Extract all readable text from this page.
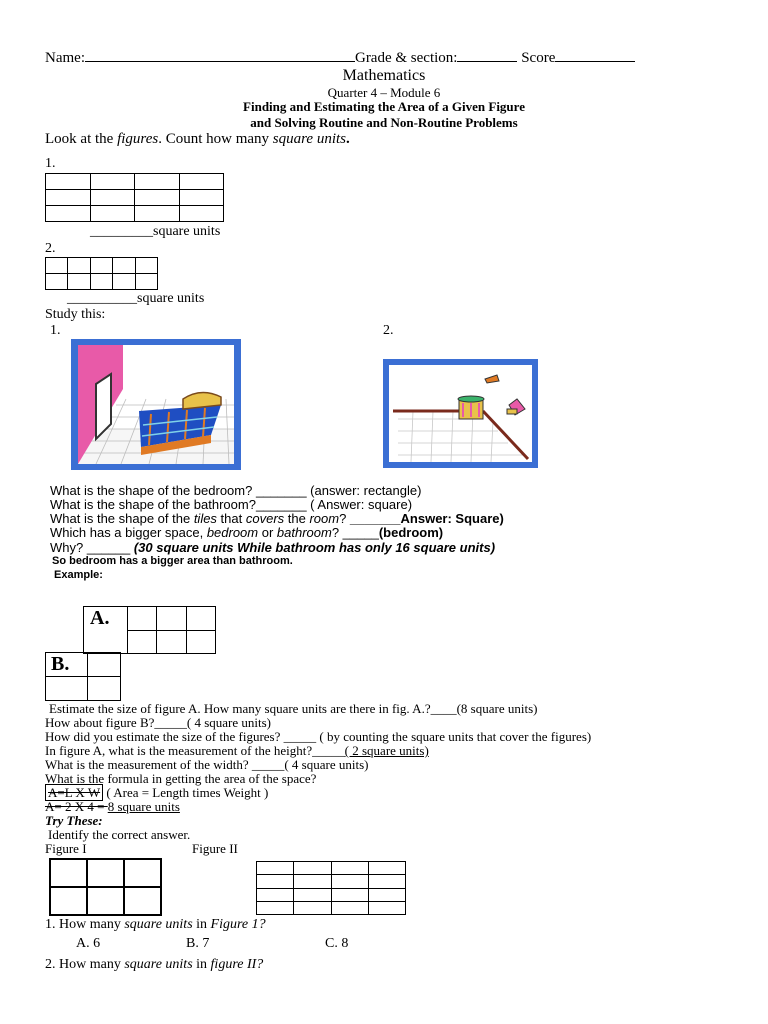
Name:	Grade & section:	Score
Mathematics
Quarter 4 – Module 6
Finding and Estimating the Area of a Given Figure
and Solving Routine and Non-Routine Problems
Look at the figures. Count how many square units.
1.

_________square units
2.

__________square units
Study this:
1.	2.
What is the shape of the bedroom? _______ (answer: rectangle)
What is the shape of the bathroom?_______ ( Answer: square)
What is the shape of the tiles that covers the room? _______Answer: Square)
Which has a bigger space, bedroom or bathroom? _____(bedroom)
Why? ______ (30 square units While bathroom has only 16 square units)
So bedroom has a bigger area than bathroom.
Example:
A.			

B.	

Estimate the size of figure A. How many square units are there in fig. A.?____(8 square units)
How about figure B?_____( 4 square units)
How did you estimate the size of the figures? _____ ( by counting the square units that cover the figures)
In figure A, what is the measurement of the height?_____( 2 square units)
What is the measurement of the width? _____( 4 square units)
What is the formula in getting the area of the space?
A=L X W ( Area = Length times Weight )
A= 2 X 4 = 8 square units
Try These:
Identify the correct answer.
Figure I	Figure II

1. How many square units in Figure 1?
A. 6	B. 7	C. 8
2. How many square units in figure II?
